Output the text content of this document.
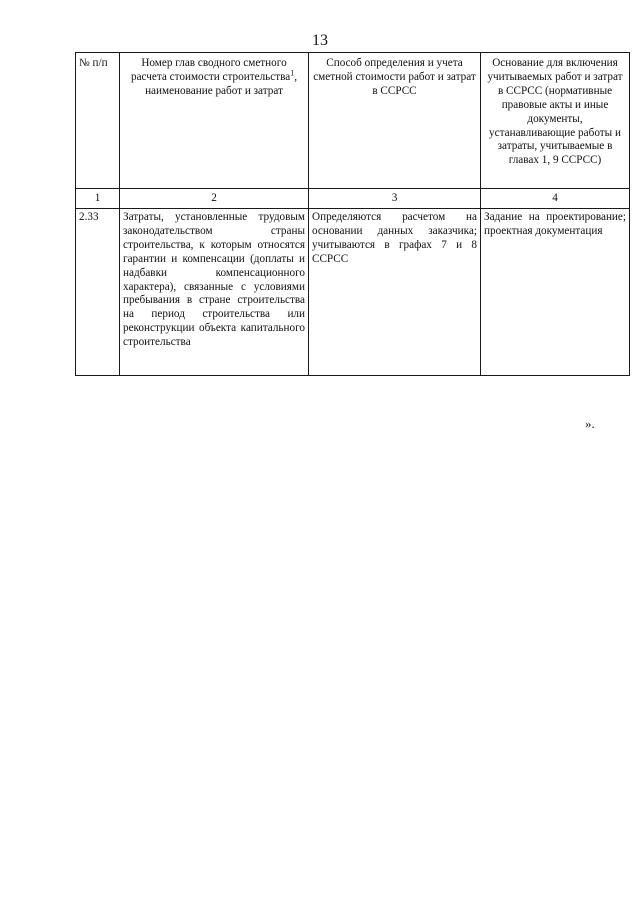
13
№ п/п	Номер глав сводного сметного расчета стоимости строительства$^1$, наименование работ и затрат	Способ определения и учета сметной стоимости работ и затрат в ССРСС	Основание для включения учитываемых работ и затрат в ССРСС (нормативные правовые акты и иные документы, устанавливающие работы и затраты, учитываемые в главах 1, 9 ССРСС)
1	2	3	4
2.33	Затраты, установленные трудовым законодательством страны строительства, к которым относятся гарантии и компенсации (доплаты и надбавки компенсационного характера), связанные с условиями пребывания в стране строительства на период строительства или реконструкции объекта капитального строительства	Определяются расчетом на основании данных заказчика; учитываются в графах 7 и 8 ССРСС	Задание на проектирование; проектная документация
».
